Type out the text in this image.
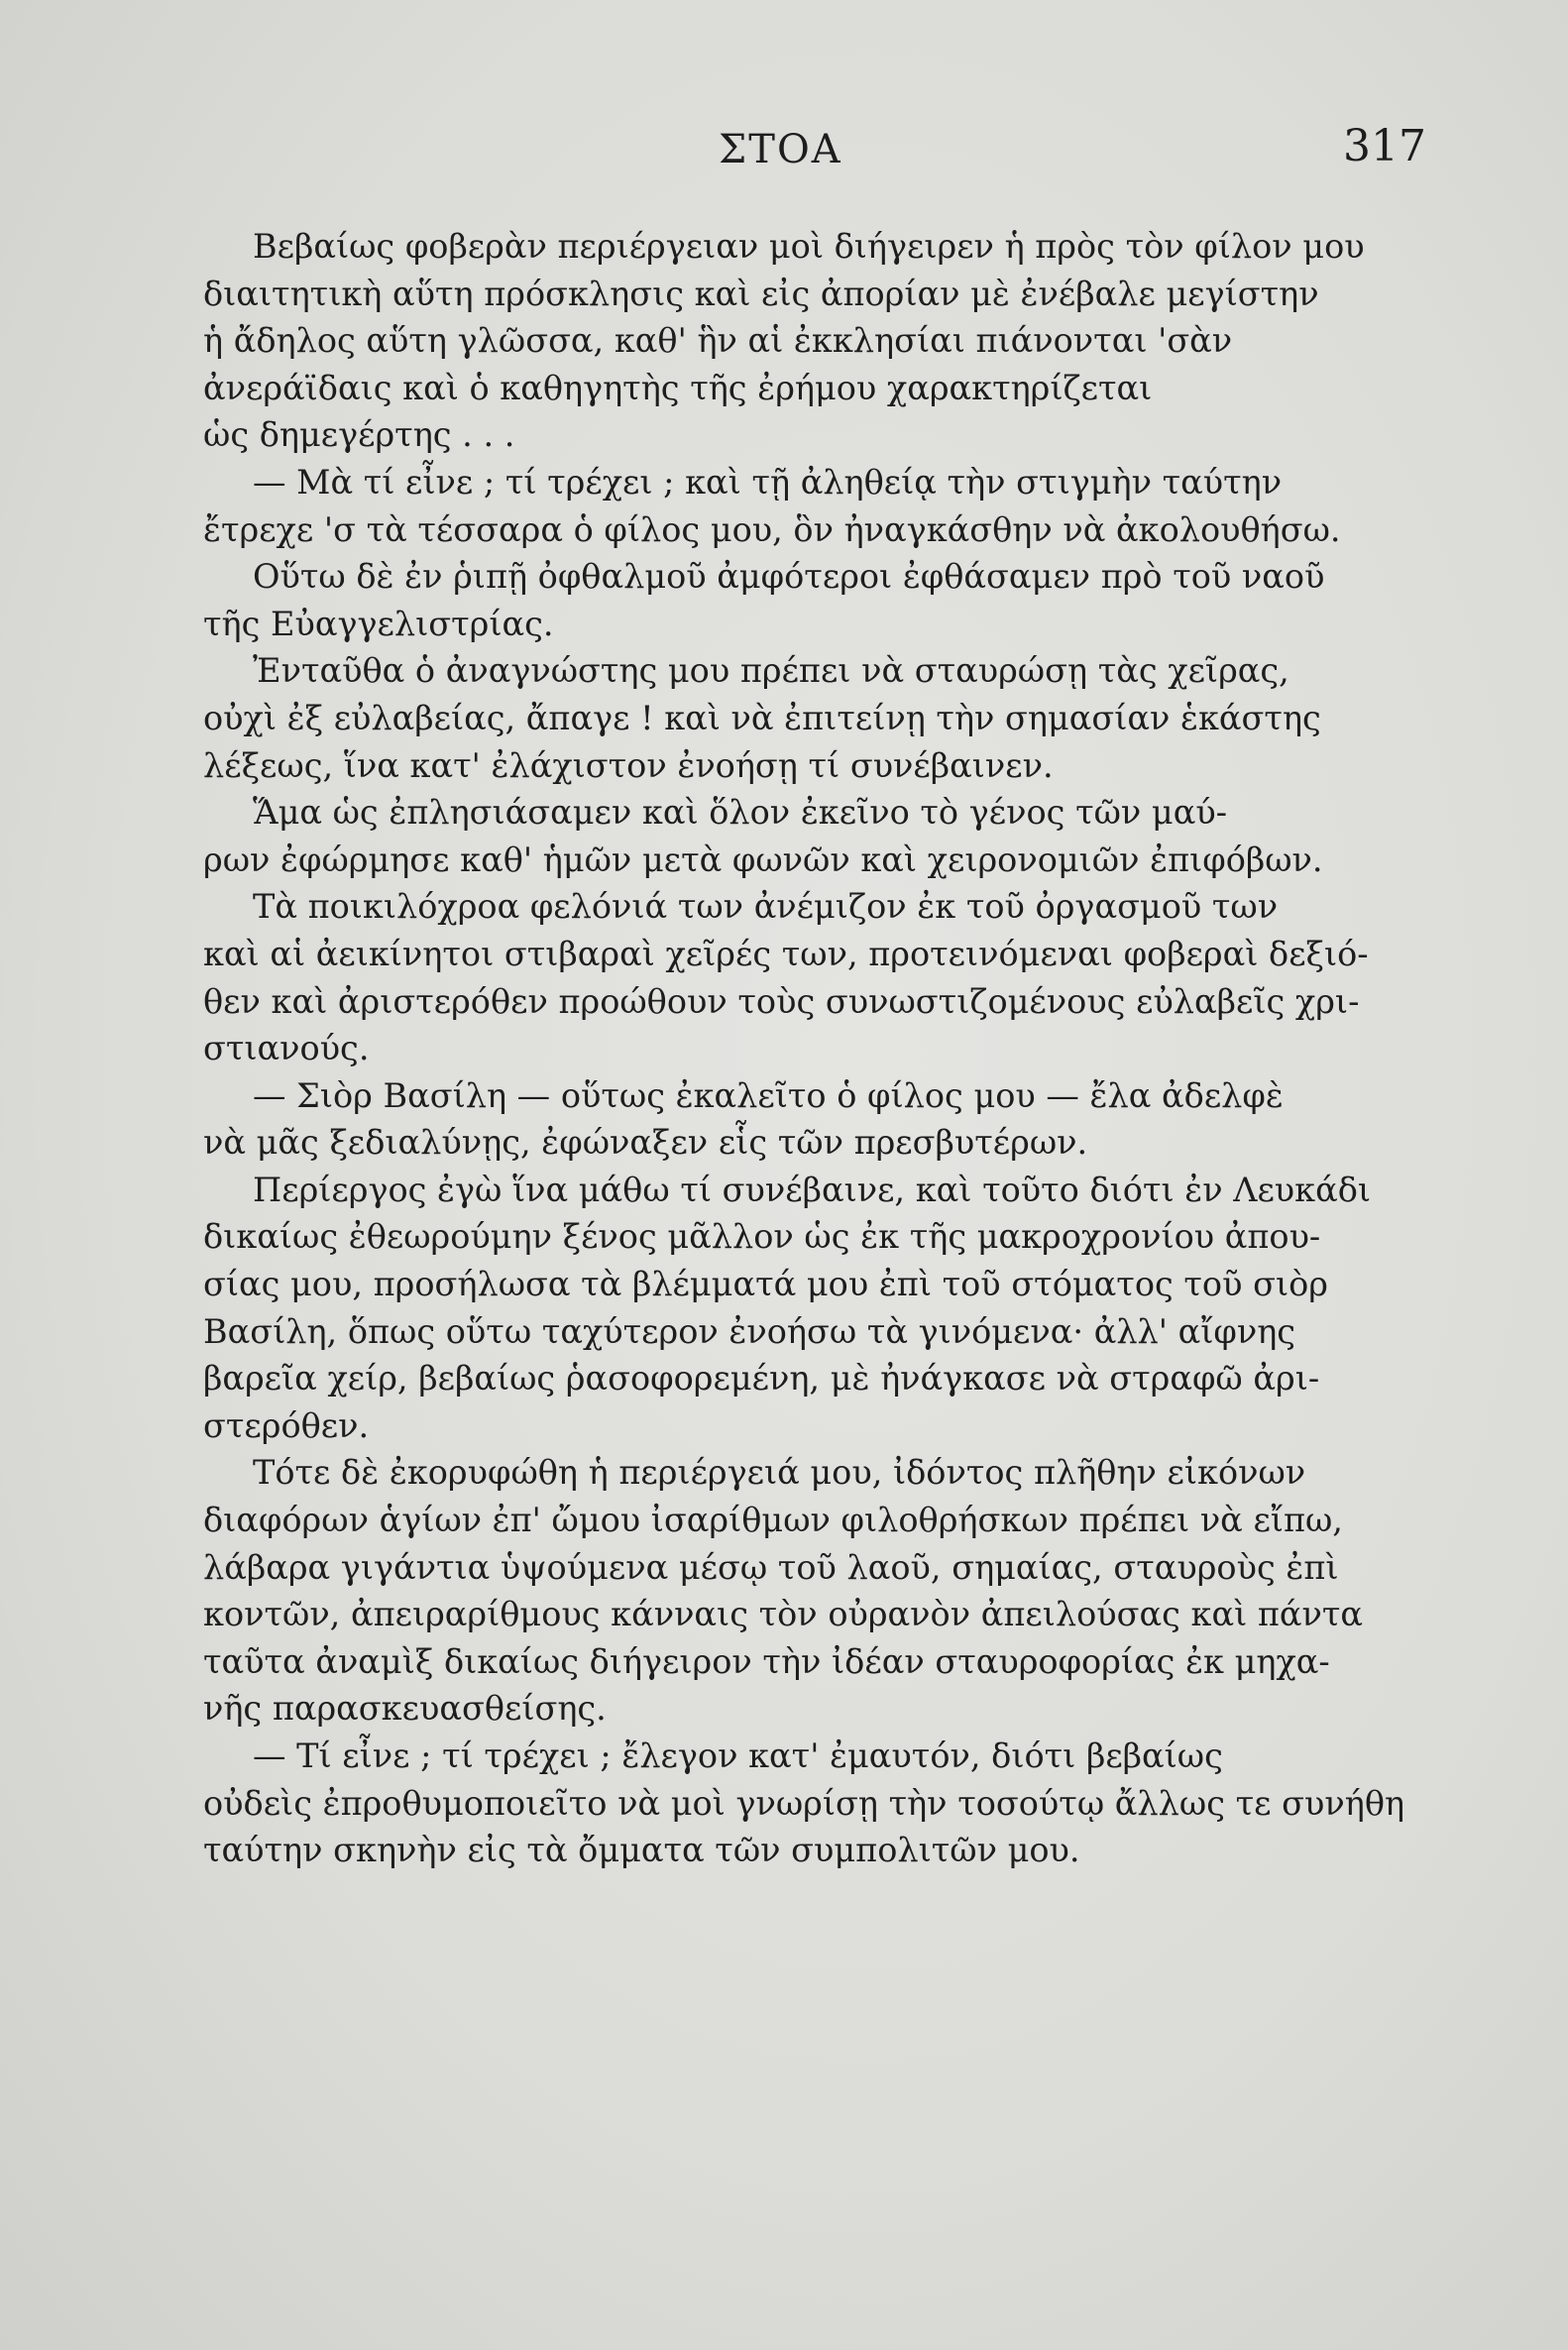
ΣΤΟΑ	317
Βεβαίως φοβερὰν περιέργειαν μοὶ διήγειρεν ἡ πρὸς τὸν φίλον μου
διαιτητικὴ αὕτη πρόσκλησις καὶ εἰς ἀπορίαν μὲ ἐνέβαλε μεγίστην
ἡ ἄδηλος αὕτη γλῶσσα, καθ' ἣν αἱ ἐκκλησίαι πιάνονται 'σὰν
ἀνεράϊδαις καὶ ὁ καθηγητὴς τῆς ἐρήμου χαρακτηρίζεται
ὡς δημεγέρτης . . .
— Μὰ τί εἶνε ; τί τρέχει ; καὶ τῇ ἀληθείᾳ τὴν στιγμὴν ταύτην
ἔτρεχε 'σ τὰ τέσσαρα ὁ φίλος μου, ὃν ἠναγκάσθην νὰ ἀκολουθήσω.
Οὕτω δὲ ἐν ῥιπῇ ὀφθαλμοῦ ἀμφότεροι ἐφθάσαμεν πρὸ τοῦ ναοῦ
τῆς Εὐαγγελιστρίας.
Ἐνταῦθα ὁ ἀναγνώστης μου πρέπει νὰ σταυρώσῃ τὰς χεῖρας,
οὐχὶ ἐξ εὐλαβείας, ἄπαγε ! καὶ νὰ ἐπιτείνῃ τὴν σημασίαν ἑκάστης
λέξεως, ἵνα κατ' ἐλάχιστον ἐνοήσῃ τί συνέβαινεν.
Ἅμα ὡς ἐπλησιάσαμεν καὶ ὅλον ἐκεῖνο τὸ γένος τῶν μαύ-
ρων ἐφώρμησε καθ' ἡμῶν μετὰ φωνῶν καὶ χειρονομιῶν ἐπιφόβων.
Τὰ ποικιλόχροα φελόνιά των ἀνέμιζον ἐκ τοῦ ὀργασμοῦ των
καὶ αἱ ἀεικίνητοι στιβαραὶ χεῖρές των, προτεινόμεναι φοβεραὶ δεξιό-
θεν καὶ ἀριστερόθεν προώθουν τοὺς συνωστιζομένους εὐλαβεῖς χρι-
στιανούς.
— Σιὸρ Βασίλη — οὕτως ἐκαλεῖτο ὁ φίλος μου — ἔλα ἀδελφὲ
νὰ μᾶς ξεδιαλύνῃς, ἐφώναξεν εἷς τῶν πρεσβυτέρων.
Περίεργος ἐγὼ ἵνα μάθω τί συνέβαινε, καὶ τοῦτο διότι ἐν Λευκάδι
δικαίως ἐθεωρούμην ξένος μᾶλλον ὡς ἐκ τῆς μακροχρονίου ἀπου-
σίας μου, προσήλωσα τὰ βλέμματά μου ἐπὶ τοῦ στόματος τοῦ σιὸρ
Βασίλη, ὅπως οὕτω ταχύτερον ἐνοήσω τὰ γινόμενα· ἀλλ' αἴφνης
βαρεῖα χείρ, βεβαίως ῥασοφορεμένη, μὲ ἠνάγκασε νὰ στραφῶ ἀρι-
στερόθεν.
Τότε δὲ ἐκορυφώθη ἡ περιέργειά μου, ἰδόντος πλῆθην εἰκόνων
διαφόρων ἁγίων ἐπ' ὤμου ἰσαρίθμων φιλοθρήσκων πρέπει νὰ εἴπω,
λάβαρα γιγάντια ὑψούμενα μέσῳ τοῦ λαοῦ, σημαίας, σταυροὺς ἐπὶ
κοντῶν, ἀπειραρίθμους κάνναις τὸν οὐρανὸν ἀπειλούσας καὶ πάντα
ταῦτα ἀναμὶξ δικαίως διήγειρον τὴν ἰδέαν σταυροφορίας ἐκ μηχα-
νῆς παρασκευασθείσης.
— Τί εἶνε ; τί τρέχει ; ἔλεγον κατ' ἐμαυτόν, διότι βεβαίως
οὐδεὶς ἐπροθυμοποιεῖτο νὰ μοὶ γνωρίσῃ τὴν τοσούτῳ ἄλλως τε συνήθη
ταύτην σκηνὴν εἰς τὰ ὄμματα τῶν συμπολιτῶν μου.
